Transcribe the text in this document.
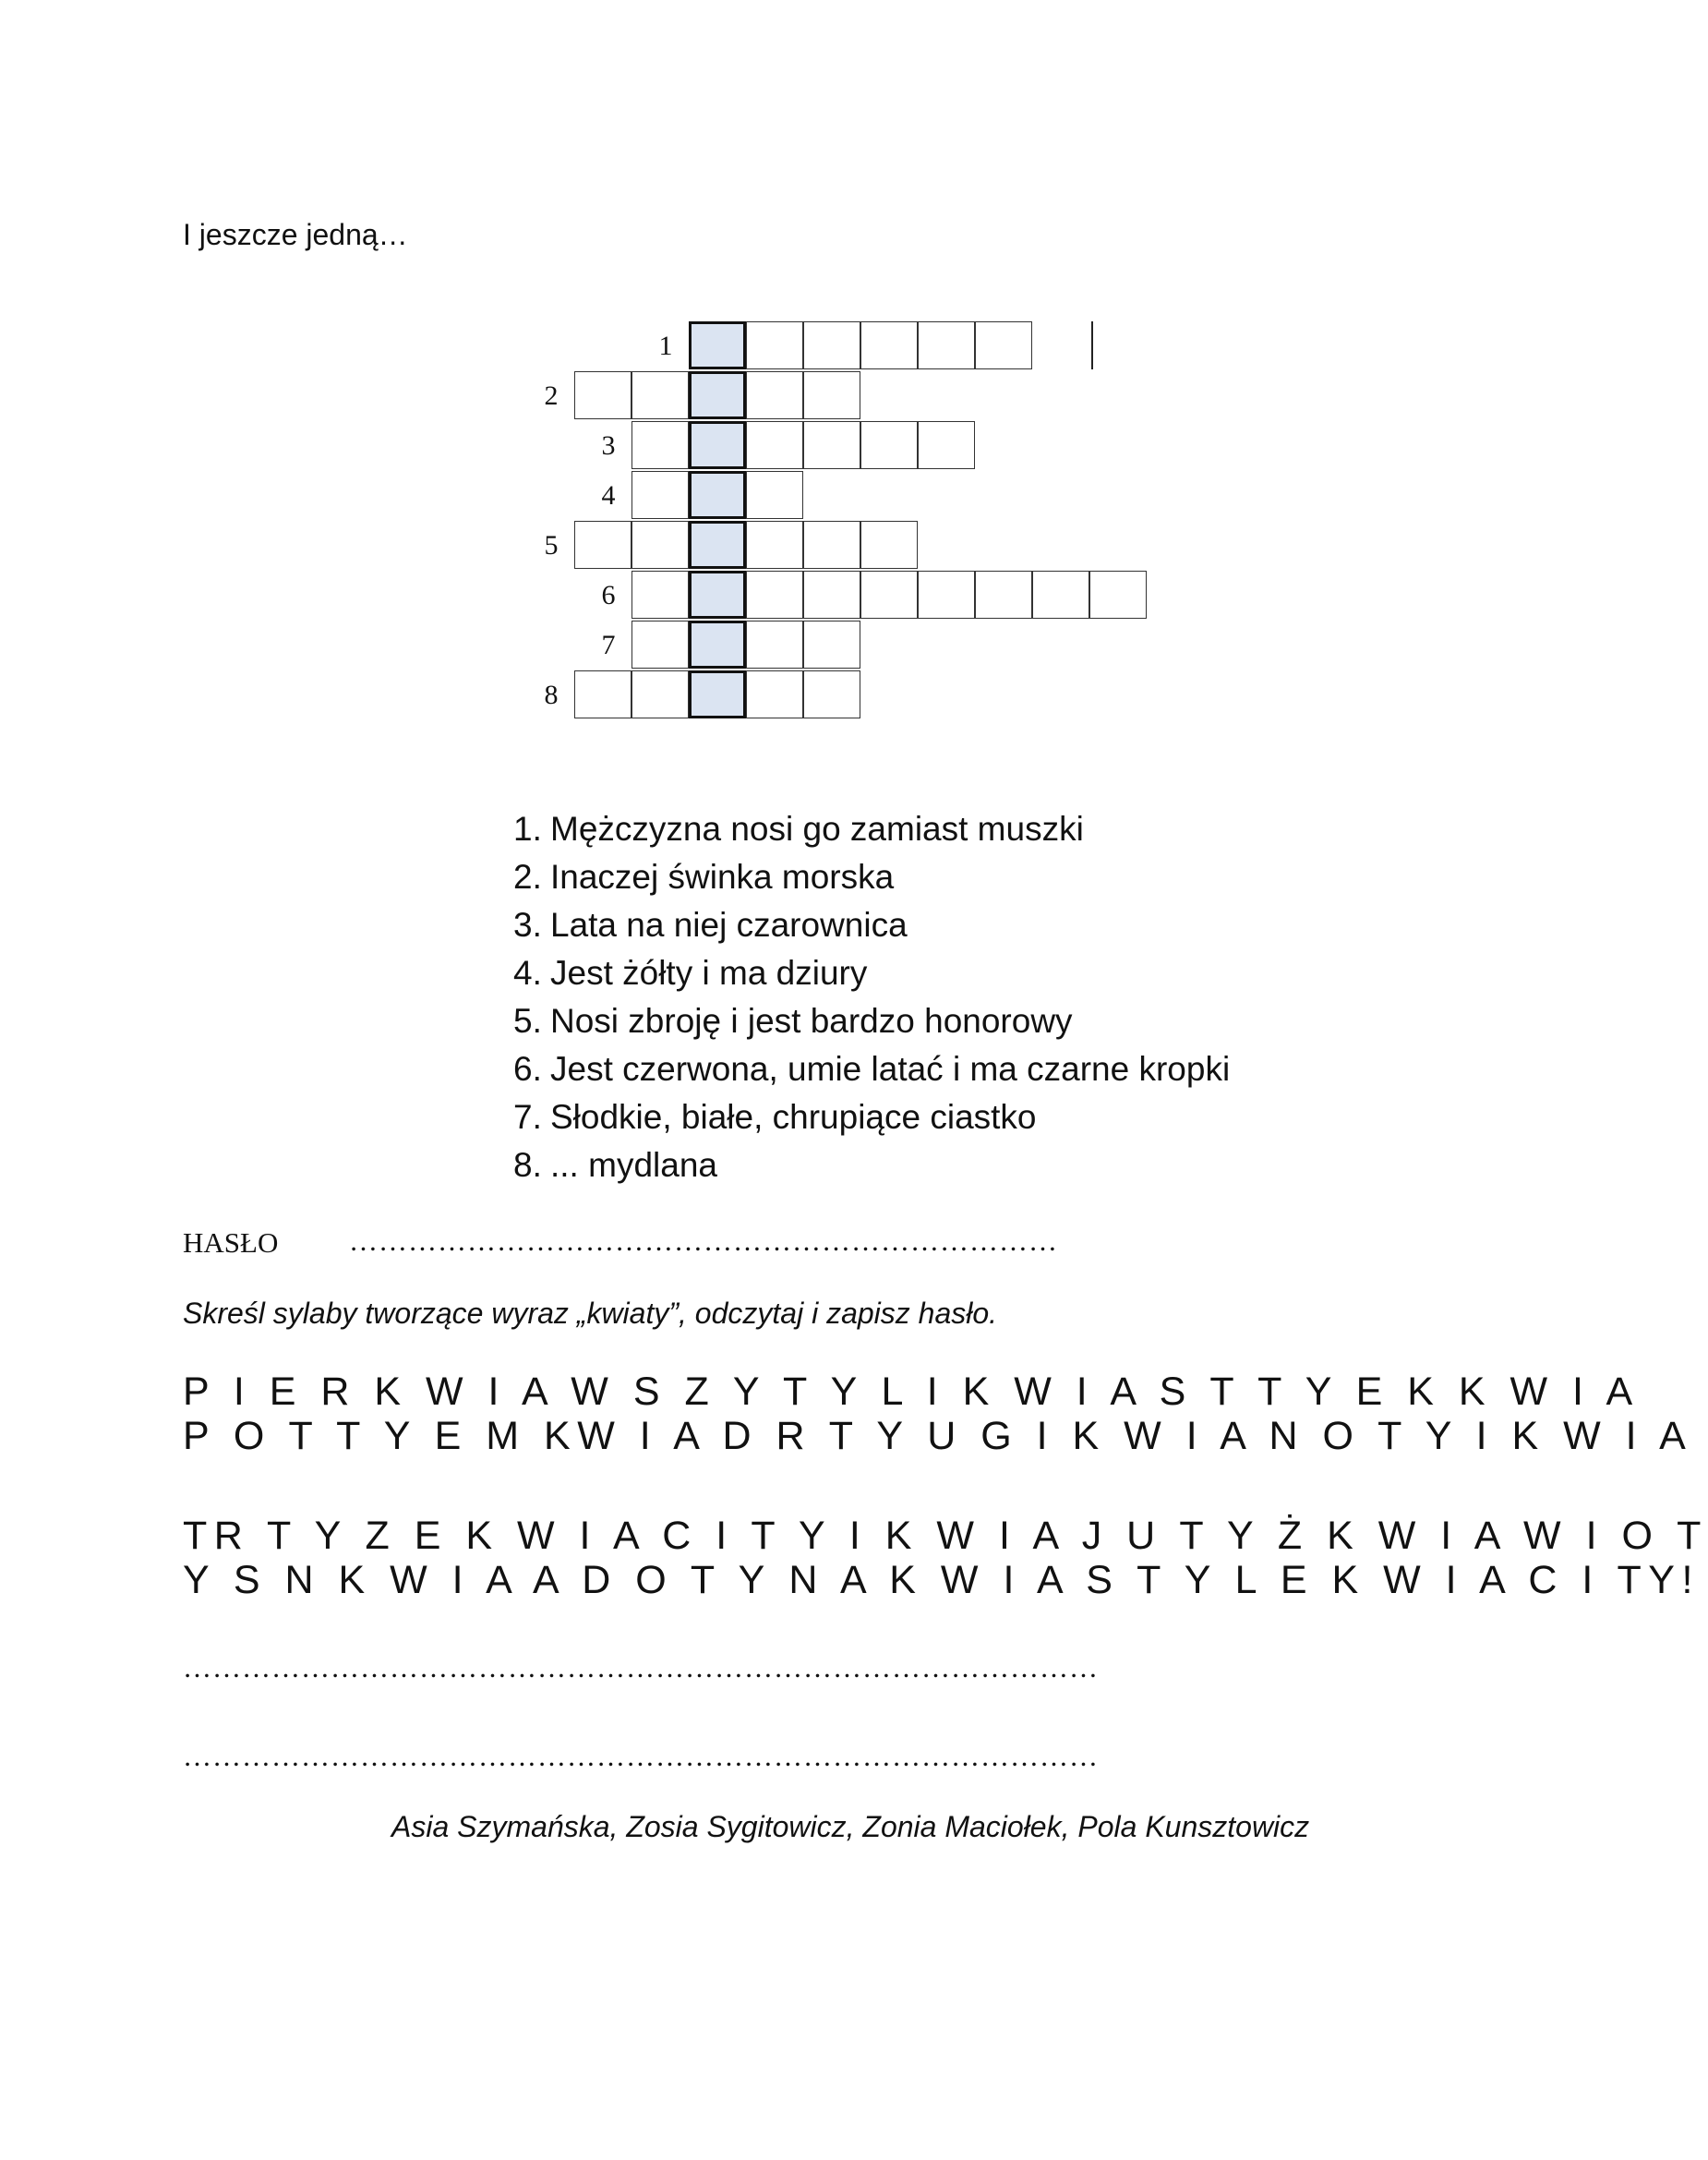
I jeszcze jedną…

1
2
3
4
5
6
7
8
1. Mężczyzna nosi go zamiast muszki
2. Inaczej świnka morska
3. Lata na niej czarownica
4. Jest żółty i ma dziury
5. Nosi zbroję i jest bardzo honorowy
6. Jest czerwona, umie latać i ma czarne kropki
7. Słodkie, białe, chrupiące ciastko
8. ... mydlana

HASŁO ………………………………………………………………

Skreśl sylaby tworzące wyraz „kwiaty”, odczytaj i zapisz hasło.

P I E R K W I A W S Z Y T Y L I K W I A S T T Y E K K W I A

P O T T Y E M KW I A D R T Y U G I K W I A N O T Y I K W I A

TR T Y Z E K W I A C I T Y I K W I A J U T Y Ż K W I A W I O T

Y S N K W I A A D O T Y N A K W I A S T Y L E K W I A C I TY!

…………………………………………………………………………………

…………………………………………………………………………………

Asia Szymańska, Zosia Sygitowicz, Zonia Maciołek, Pola Kunsztowicz
